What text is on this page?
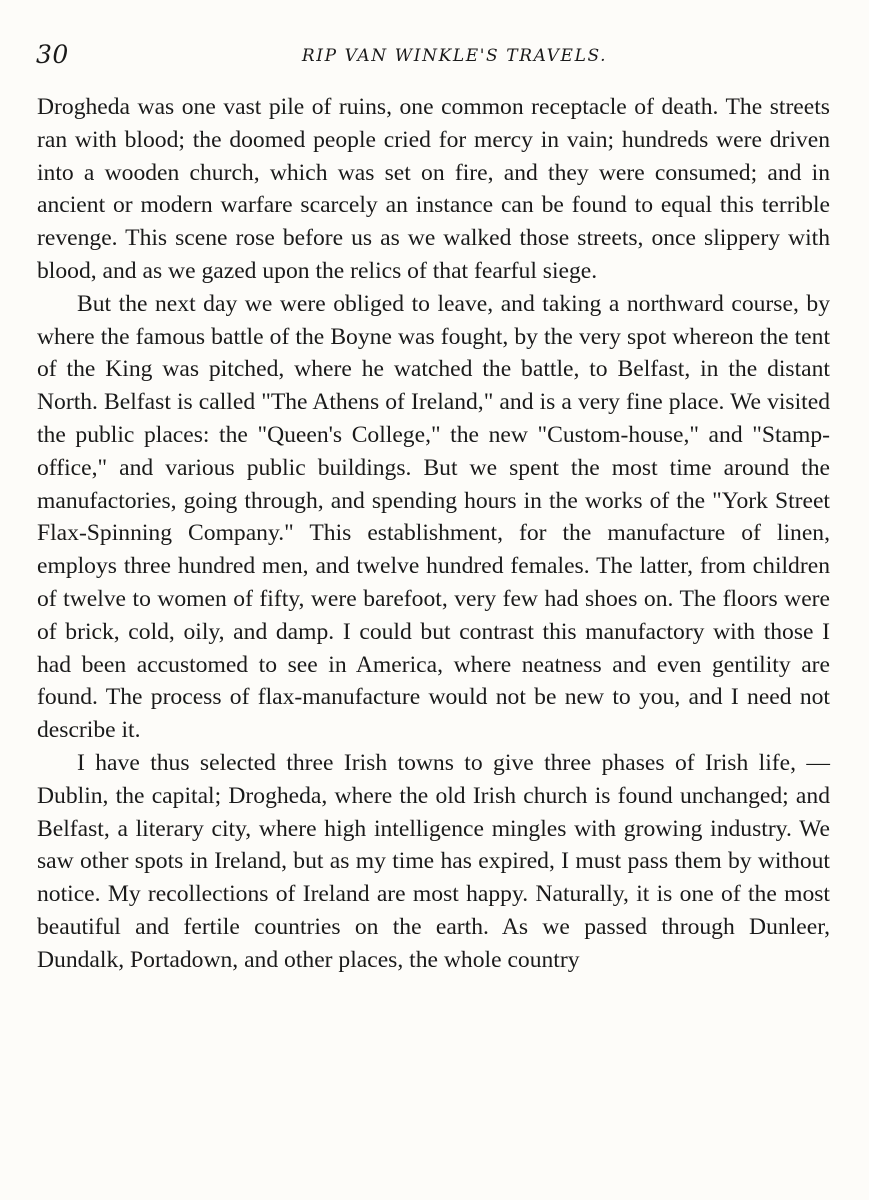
30	RIP VAN WINKLE'S TRAVELS.

Drogheda was one vast pile of ruins, one common receptacle of death. The streets ran with blood; the doomed people cried for mercy in vain; hundreds were driven into a wooden church, which was set on fire, and they were consumed; and in ancient or modern warfare scarcely an instance can be found to equal this terrible revenge. This scene rose before us as we walked those streets, once slippery with blood, and as we gazed upon the relics of that fearful siege.

But the next day we were obliged to leave, and taking a northward course, by where the famous battle of the Boyne was fought, by the very spot whereon the tent of the King was pitched, where he watched the battle, to Belfast, in the distant North. Belfast is called "The Athens of Ireland," and is a very fine place. We visited the public places: the "Queen's College," the new "Custom-house," and "Stamp-office," and various public buildings. But we spent the most time around the manufactories, going through, and spending hours in the works of the "York Street Flax-Spinning Company." This establishment, for the manufacture of linen, employs three hundred men, and twelve hundred females. The latter, from children of twelve to women of fifty, were barefoot, very few had shoes on. The floors were of brick, cold, oily, and damp. I could but contrast this manufactory with those I had been accustomed to see in America, where neatness and even gentility are found. The process of flax-manufacture would not be new to you, and I need not describe it.

I have thus selected three Irish towns to give three phases of Irish life, — Dublin, the capital; Drogheda, where the old Irish church is found unchanged; and Belfast, a literary city, where high intelligence mingles with growing industry. We saw other spots in Ireland, but as my time has expired, I must pass them by without notice. My recollections of Ireland are most happy. Naturally, it is one of the most beautiful and fertile countries on the earth. As we passed through Dunleer, Dundalk, Portadown, and other places, the whole country
